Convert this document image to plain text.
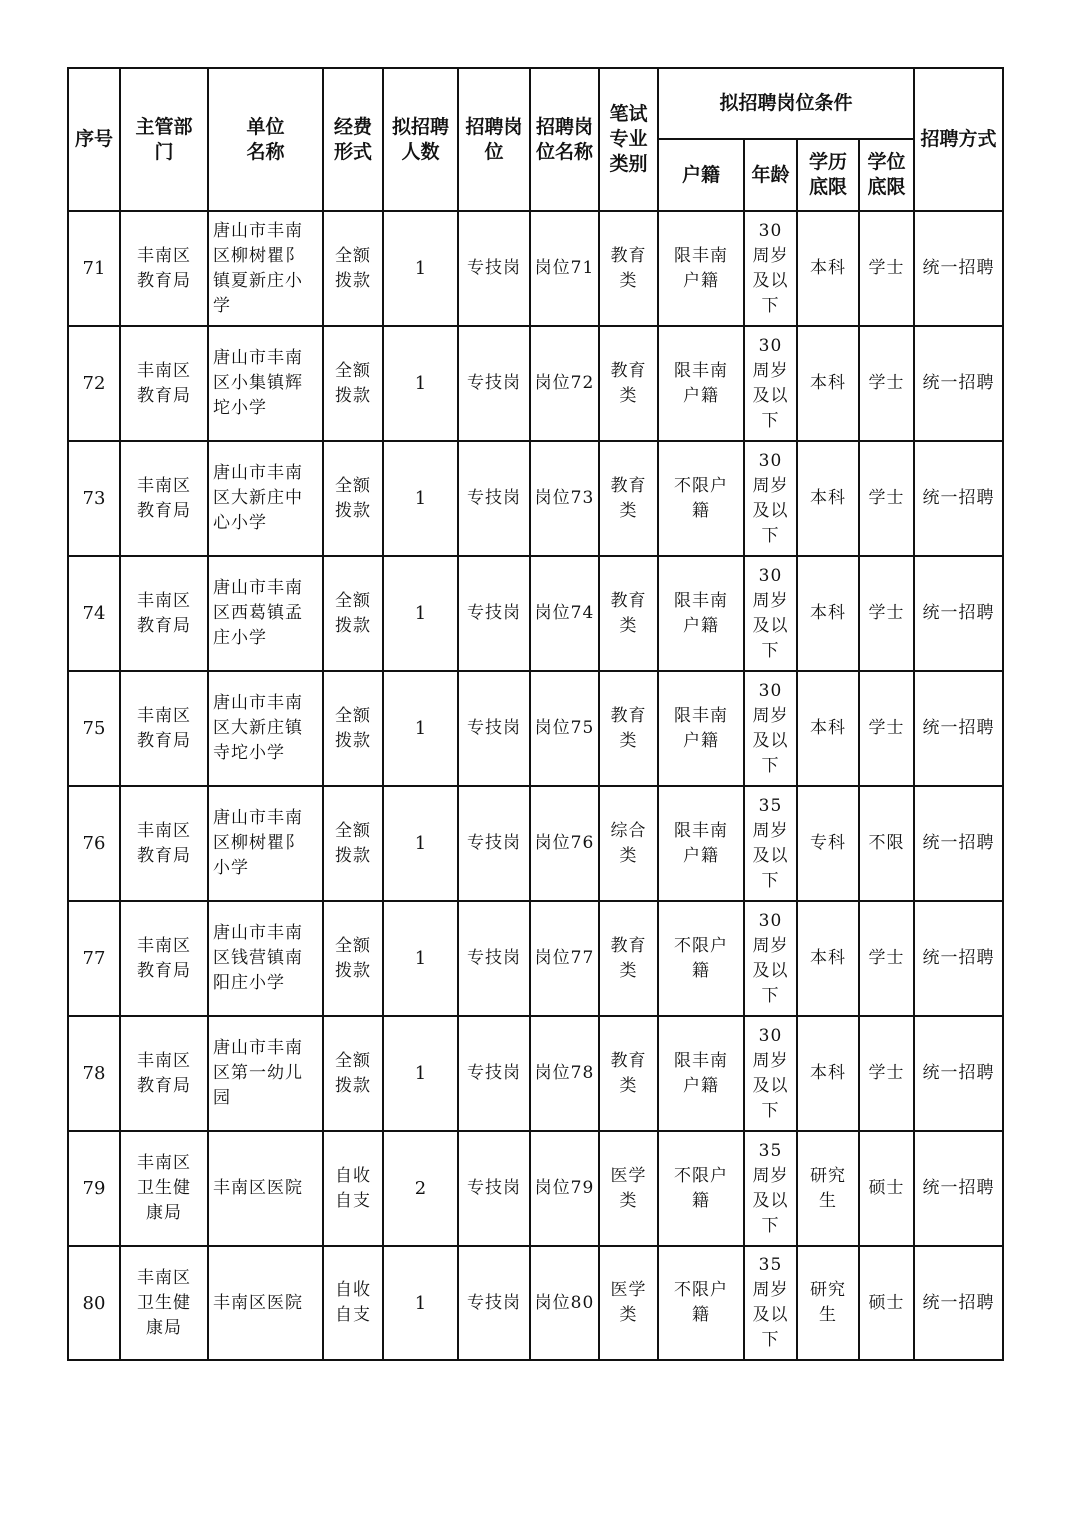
序号	主管部门	单位名称	经费形式	拟招聘人数	招聘岗位	招聘岗位名称	笔试专业类别	拟招聘岗位条件				招聘方式
								户籍	年龄	学历底限	学位底限	
71	丰南区教育局	唐山市丰南区柳树瞿阝镇夏新庄小学	全额拨款	1	专技岗	岗位71	教育类	限丰南户籍	30周岁及以下	本科	学士	统一招聘
72	丰南区教育局	唐山市丰南区小集镇辉坨小学	全额拨款	1	专技岗	岗位72	教育类	限丰南户籍	30周岁及以下	本科	学士	统一招聘
73	丰南区教育局	唐山市丰南区大新庄中心小学	全额拨款	1	专技岗	岗位73	教育类	不限户籍	30周岁及以下	本科	学士	统一招聘
74	丰南区教育局	唐山市丰南区西葛镇孟庄小学	全额拨款	1	专技岗	岗位74	教育类	限丰南户籍	30周岁及以下	本科	学士	统一招聘
75	丰南区教育局	唐山市丰南区大新庄镇寺坨小学	全额拨款	1	专技岗	岗位75	教育类	限丰南户籍	30周岁及以下	本科	学士	统一招聘
76	丰南区教育局	唐山市丰南区柳树瞿阝小学	全额拨款	1	专技岗	岗位76	综合类	限丰南户籍	35周岁及以下	专科	不限	统一招聘
77	丰南区教育局	唐山市丰南区钱营镇南阳庄小学	全额拨款	1	专技岗	岗位77	教育类	不限户籍	30周岁及以下	本科	学士	统一招聘
78	丰南区教育局	唐山市丰南区第一幼儿园	全额拨款	1	专技岗	岗位78	教育类	限丰南户籍	30周岁及以下	本科	学士	统一招聘
79	丰南区卫生健康局	丰南区医院	自收自支	2	专技岗	岗位79	医学类	不限户籍	35周岁及以下	研究生	硕士	统一招聘
80	丰南区卫生健康局	丰南区医院	自收自支	1	专技岗	岗位80	医学类	不限户籍	35周岁及以下	研究生	硕士	统一招聘
